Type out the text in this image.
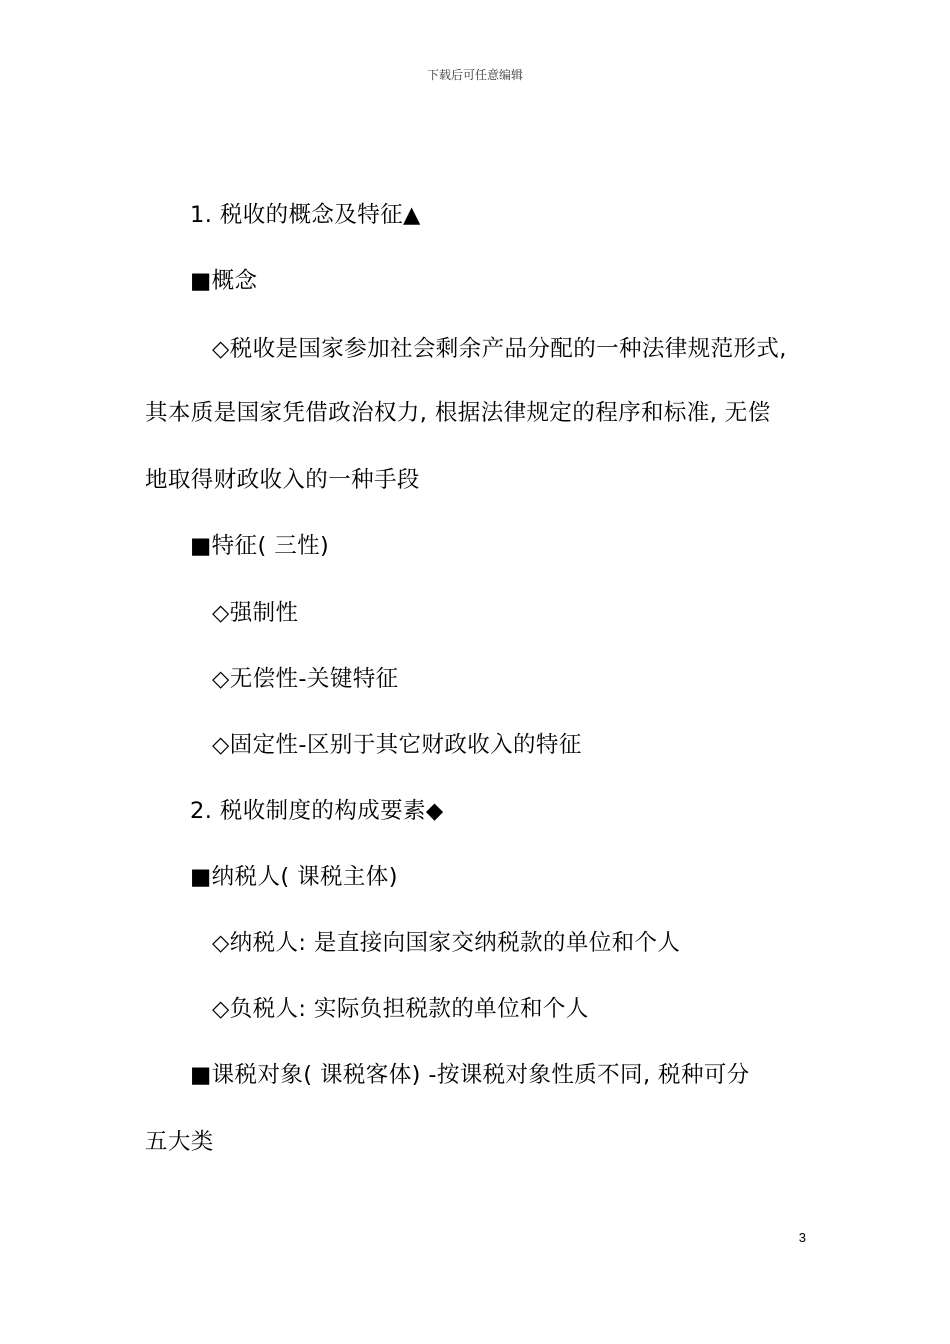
下载后可任意编辑
1. 税收的概念及特征▲
■概念
◇税收是国家参加社会剩余产品分配的一种法律规范形式,
其本质是国家凭借政治权力, 根据法律规定的程序和标准, 无偿
地取得财政收入的一种手段
■特征( 三性)
◇强制性
◇无偿性-关键特征
◇固定性-区别于其它财政收入的特征
2. 税收制度的构成要素◆
■纳税人( 课税主体)
◇纳税人: 是直接向国家交纳税款的单位和个人
◇负税人: 实际负担税款的单位和个人
■课税对象( 课税客体) -按课税对象性质不同, 税种可分
五大类
3
